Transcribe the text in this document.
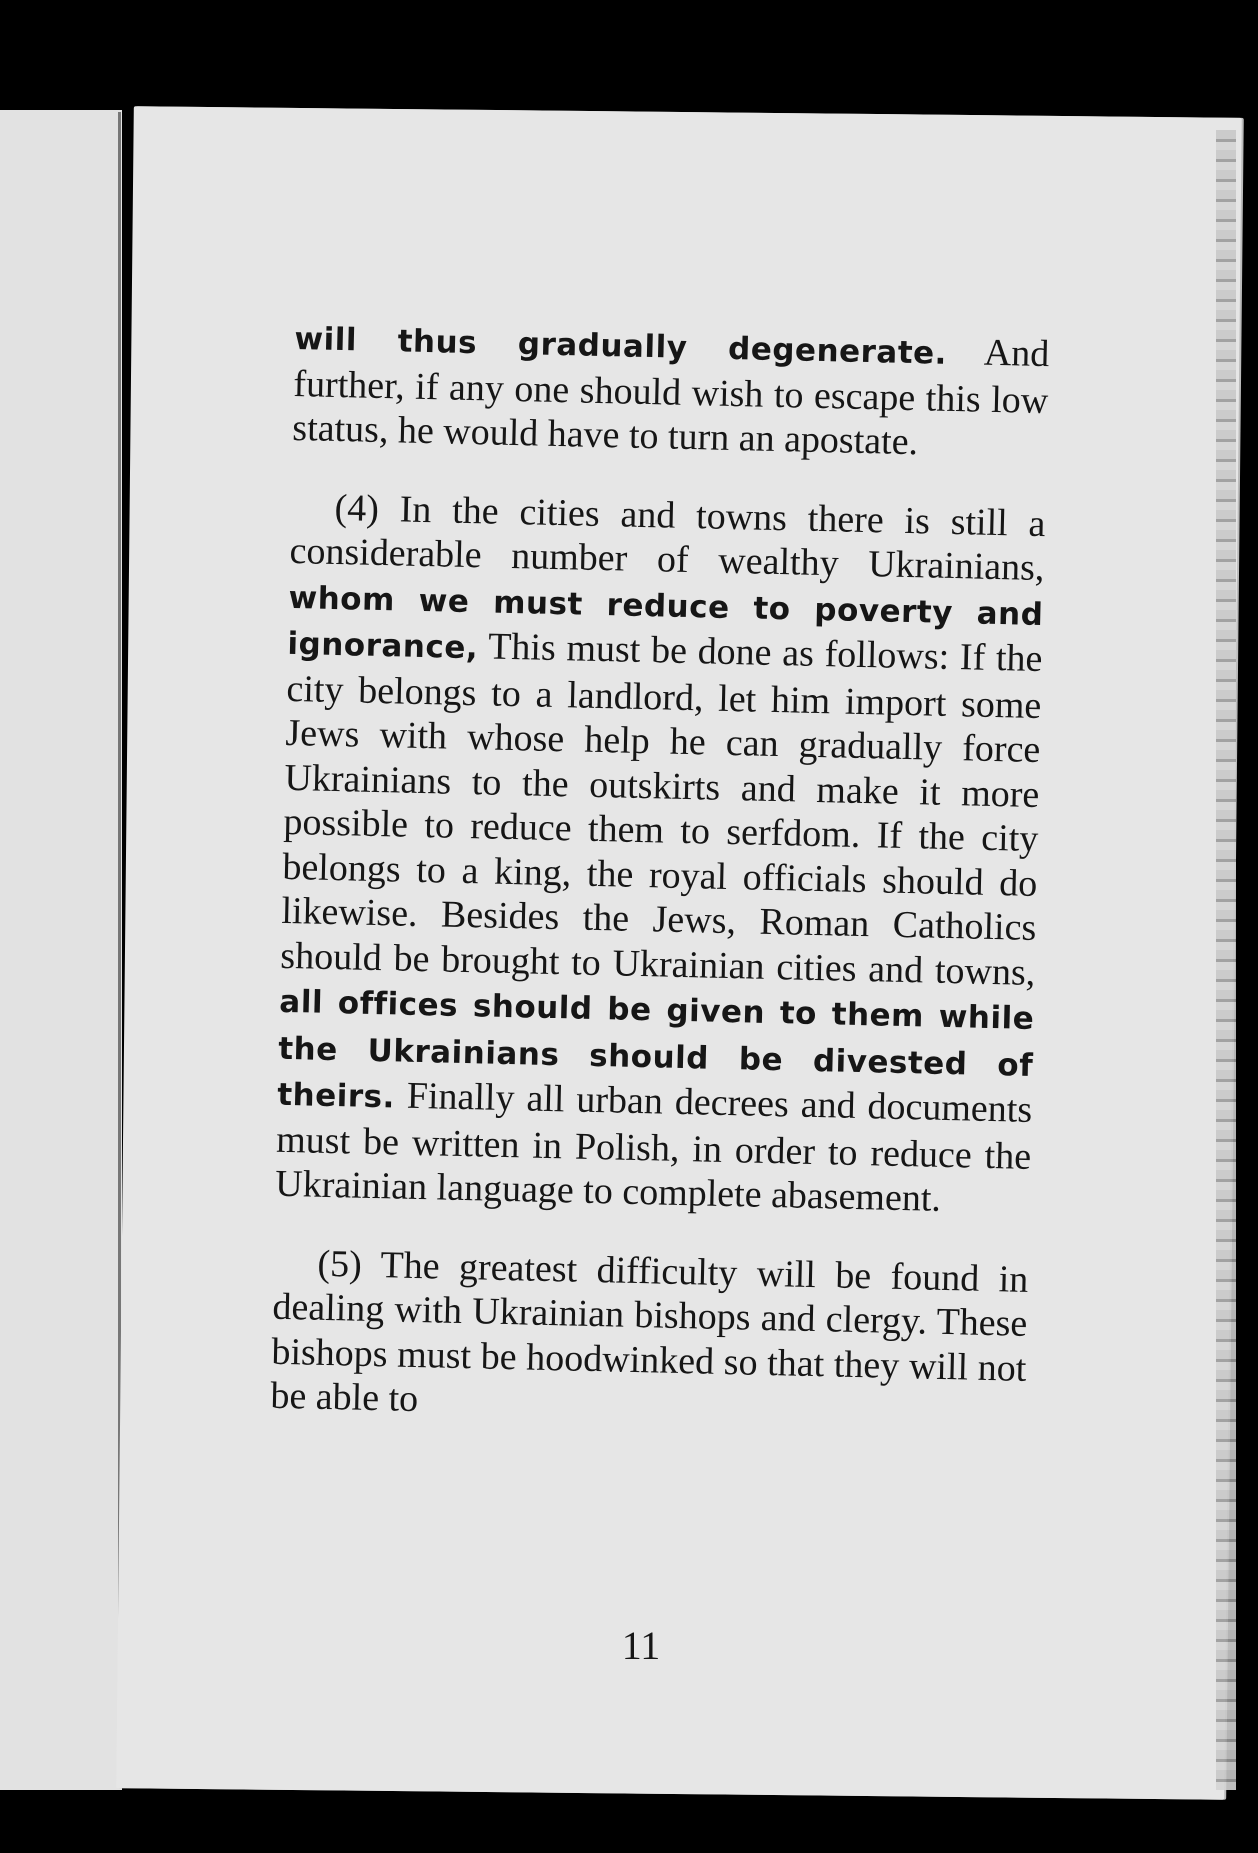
will thus gradually degenerate. And further, if any one should wish to escape this low status, he would have to turn an apostate.

(4) In the cities and towns there is still a considerable number of wealthy Ukrainians, whom we must reduce to poverty and ignorance, This must be done as follows: If the city belongs to a landlord, let him import some Jews with whose help he can gradually force Ukrainians to the outskirts and make it more possible to reduce them to serfdom. If the city belongs to a king, the royal officials should do likewise. Besides the Jews, Roman Catholics should be brought to Ukrainian cities and towns, all offices should be given to them while the Ukrainians should be divested of theirs. Finally all urban decrees and documents must be written in Polish, in order to reduce the Ukrainian language to complete abasement.

(5) The greatest difficulty will be found in dealing with Ukrainian bishops and clergy. These bishops must be hoodwinked so that they will not be able to

11
